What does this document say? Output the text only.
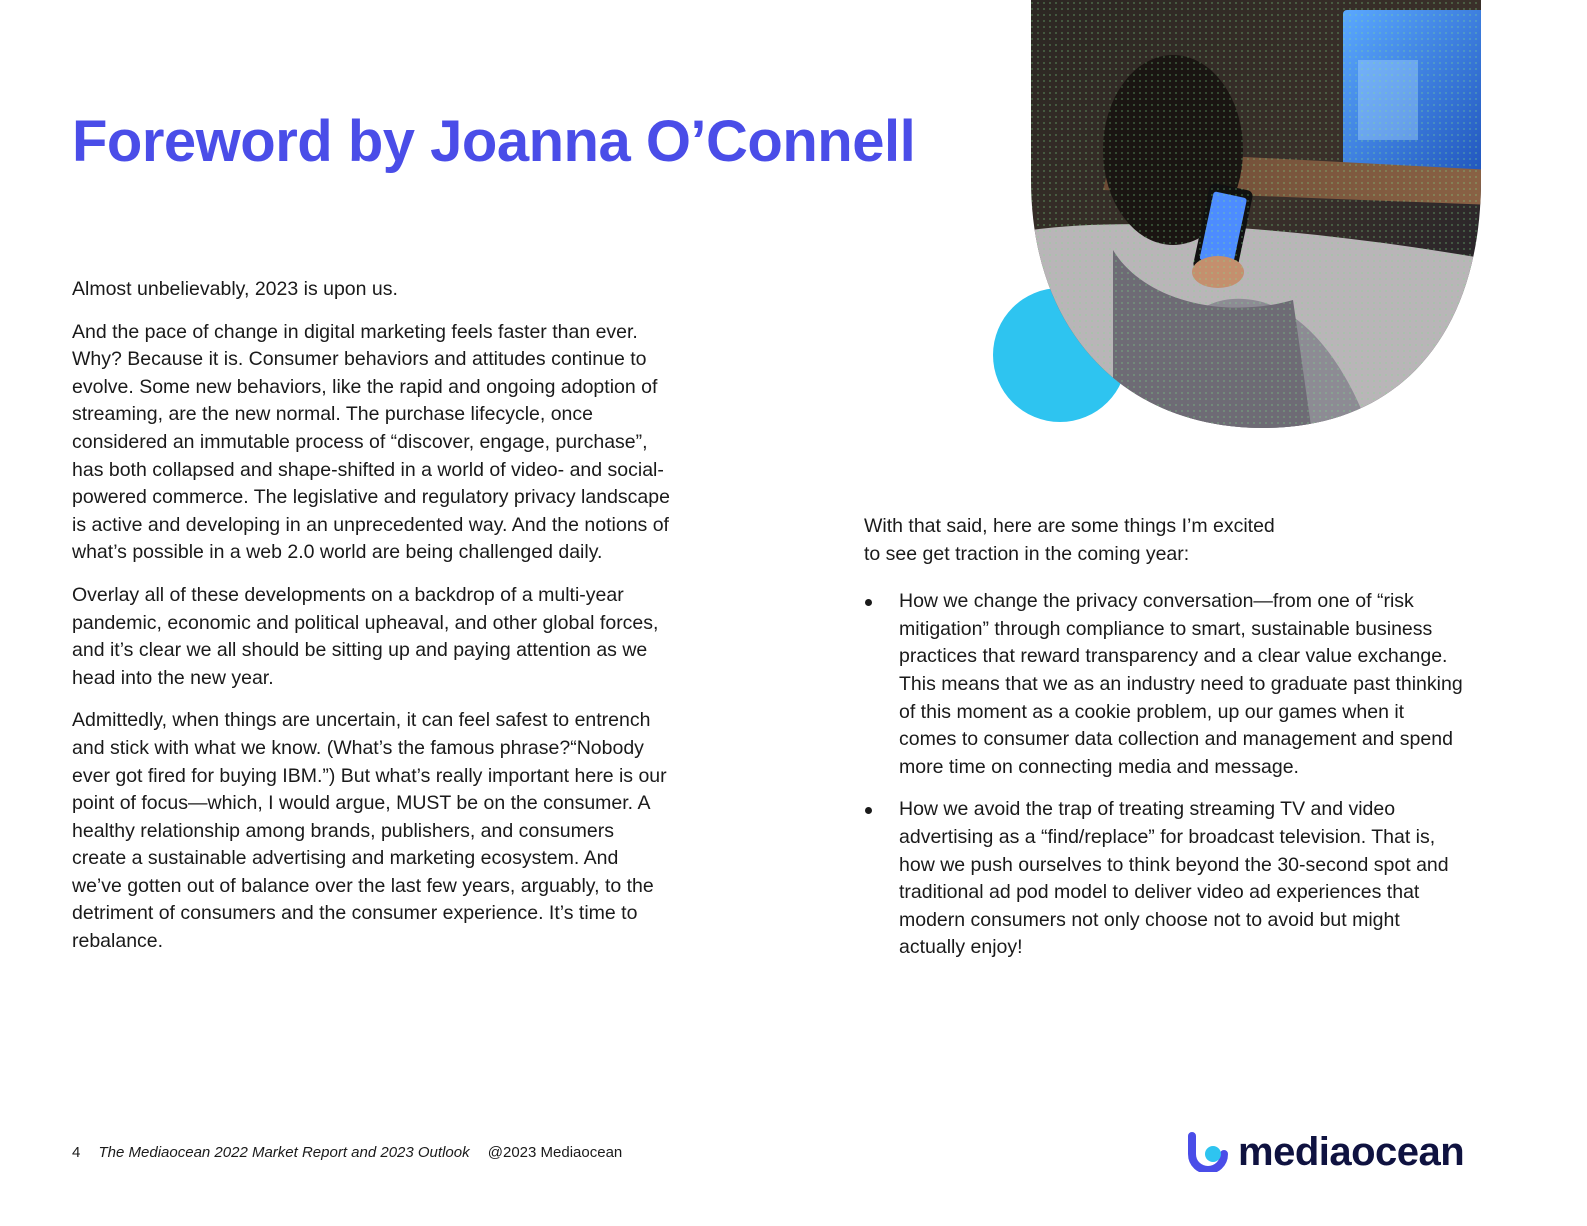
Foreword by Joanna O’Connell

Almost unbelievably, 2023 is upon us.

And the pace of change in digital marketing feels faster than ever. Why? Because it is. Consumer behaviors and attitudes continue to evolve. Some new behaviors, like the rapid and ongoing adoption of streaming, are the new normal. The purchase lifecycle, once considered an immutable process of “discover, engage, purchase”, has both collapsed and shape-shifted in a world of video- and social-powered commerce. The legislative and regulatory privacy landscape is active and developing in an unprecedented way. And the notions of what’s possible in a web 2.0 world are being challenged daily.

Overlay all of these developments on a backdrop of a multi-year pandemic, economic and political upheaval, and other global forces, and it’s clear we all should be sitting up and paying attention as we head into the new year.

Admittedly, when things are uncertain, it can feel safest to entrench and stick with what we know. (What’s the famous phrase?“Nobody ever got fired for buying IBM.”) But what’s really important here is our point of focus—which, I would argue, MUST be on the consumer. A healthy relationship among brands, publishers, and consumers create a sustainable advertising and marketing ecosystem. And we’ve gotten out of balance over the last few years, arguably, to the detriment of consumers and the consumer experience. It’s time to rebalance.

With that said, here are some things I’m excited to see get traction in the coming year:

How we change the privacy conversation—from one of “risk mitigation” through compliance to smart, sustainable business practices that reward transparency and a clear value exchange. This means that we as an industry need to graduate past thinking of this moment as a cookie problem, up our games when it comes to consumer data collection and management and spend more time on connecting media and message.
How we avoid the trap of treating streaming TV and video advertising as a “find/replace” for broadcast television. That is, how we push ourselves to think beyond the 30-second spot and traditional ad pod model to deliver video ad experiences that modern consumers not only choose not to avoid but might actually enjoy!
4 The Mediaocean 2022 Market Report and 2023 Outlook @2023 Mediaocean	mediaocean
